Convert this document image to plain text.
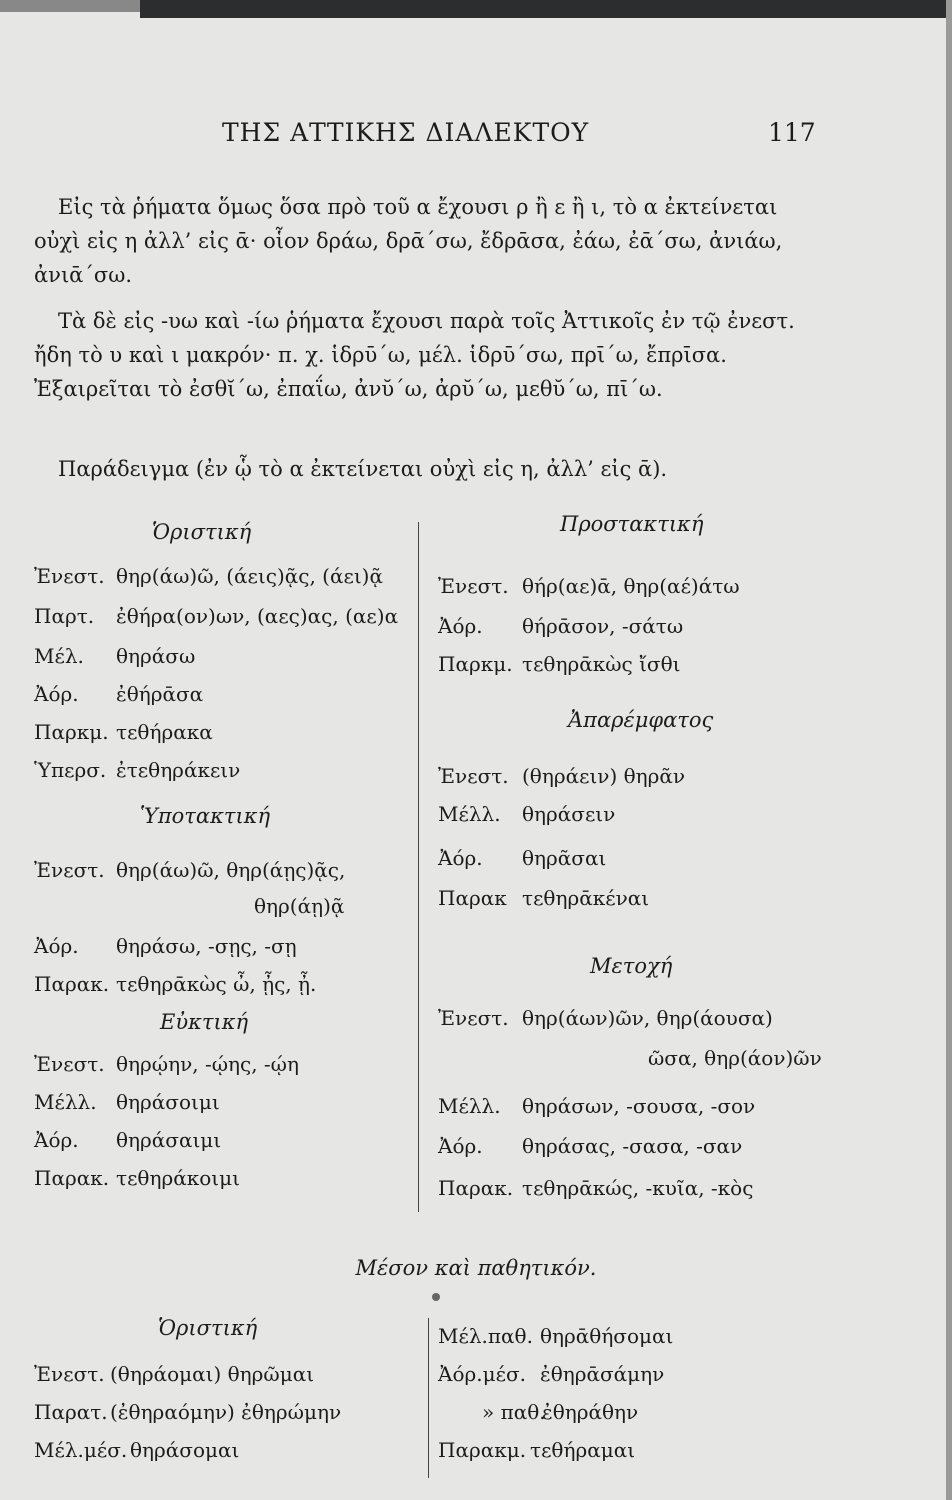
ΤΗΣ ΑΤΤΙΚΗΣ ΔΙΑΛΕΚΤΟΥ	117
Εἰς τὰ ῥήματα ὅμως ὅσα πρὸ τοῦ α ἔχουσι ρ ἢ ε ἢ ι, τὸ α ἐκτείνεται οὐχὶ εἰς η ἀλλ’ εἰς ᾱ· οἷον δράω, δρᾱ΄σω, ἔδρᾱσα, ἐάω, ἐᾱ΄σω, ἀνιάω, ἀνιᾱ΄σω.
Τὰ δὲ εἰς -υω καὶ -ίω ῥήματα ἔχουσι παρὰ τοῖς Ἀττικοῖς ἐν τῷ ἐνεστ. ἤδη τὸ υ καὶ ι μακρόν· π. χ. ἱδρῡ΄ω, μέλ. ἱδρῡ΄σω, πρῑ΄ω, ἔπρῑσα. Ἐξαιρεῖται τὸ ἐσθῐ΄ω, ἐπαΐω, ἀνῠ΄ω, ἀρῠ΄ω, μεθῠ΄ω, πῑ΄ω.
Παράδειγμα (ἐν ᾧ τὸ α ἐκτείνεται οὐχὶ εἰς η, ἀλλ’ εἰς ᾱ).
Ὁριστική
Ἐνεστ. θηρ(άω)ῶ, (άεις)ᾷς, (άει)ᾷ
Παρτ. ἐθήρα(ον)ων, (αες)ας, (αε)α
Μέλ. θηράσω
Ἀόρ. ἐθήρᾱσα
Παρκμ. τεθήρακα
Ὑπερσ. ἐτεθηράκειν
Ὑποτακτική
Ἐνεστ. θηρ(άω)ῶ, θηρ(άῃς)ᾷς,
θηρ(άῃ)ᾷ
Ἀόρ. θηράσω, -σῃς, -σῃ
Παρακ. τεθηρᾱκὼς ὦ, ᾖς, ᾖ.
Εὐκτική
Ἐνεστ. θηρῴην, -ῴης, -ῴη
Μέλλ. θηράσοιμι
Ἀόρ. θηράσαιμι
Παρακ. τεθηράκοιμι
Προστακτική
Ἐνεστ. θήρ(αε)ᾱ, θηρ(αέ)άτω
Ἀόρ. θήρᾱσον, -σάτω
Παρκμ. τεθηρᾱκὼς ἴσθι
Ἀπαρέμφατος
Ἐνεστ. (θηράειν) θηρᾶν
Μέλλ. θηράσειν
Ἀόρ. θηρᾶσαι
Παρακ τεθηρᾱκέναι
Μετοχή
Ἐνεστ. θηρ(άων)ῶν, θηρ(άουσα)
ῶσα, θηρ(άον)ῶν
Μέλλ. θηράσων, -σουσα, -σον
Ἀόρ. θηράσας, -σασα, -σαν
Παρακ. τεθηρᾱκώς, -κυῖα, -κὸς
Μέσον καὶ παθητικόν.
Ὁριστική
Ἐνεστ. (θηράομαι) θηρῶμαι
Παρατ. (ἐθηραόμην) ἐθηρώμην
Μέλ.μέσ. θηράσομαι
Μέλ.παθ. θηρᾱθήσομαι
Ἀόρ.μέσ. ἐθηρᾱσάμην
» παθ.ἐθηράθην
Παρακμ. τεθήραμαι
